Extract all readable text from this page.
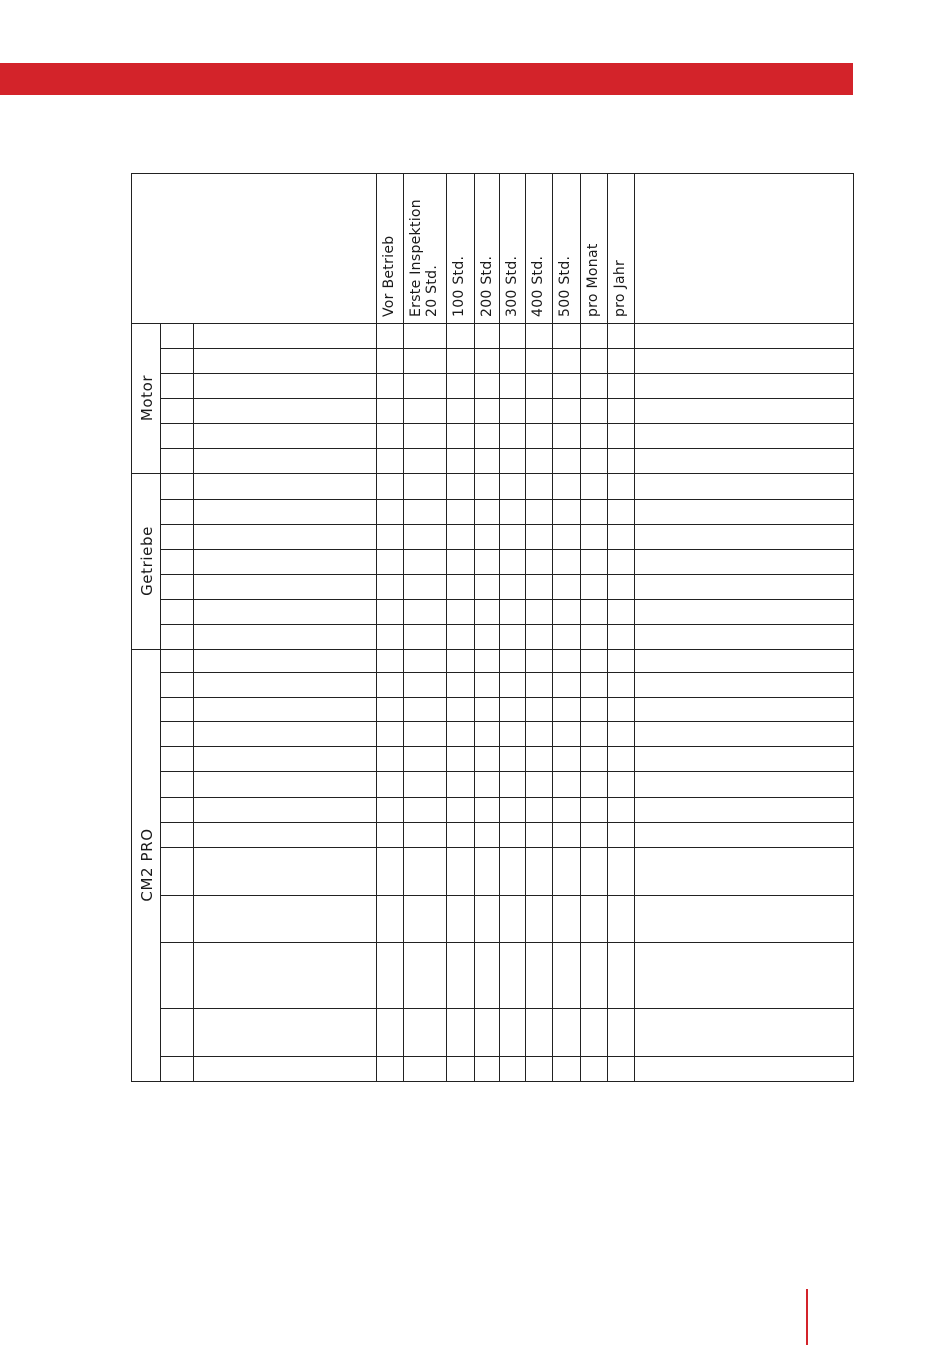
Vor Betrieb Erste Inspektion 20 Std. 100 Std. 200 Std. 300 Std. 400 Std. 500 Std. pro Monat pro Jahr
Motor
Getriebe
CM2 PRO
